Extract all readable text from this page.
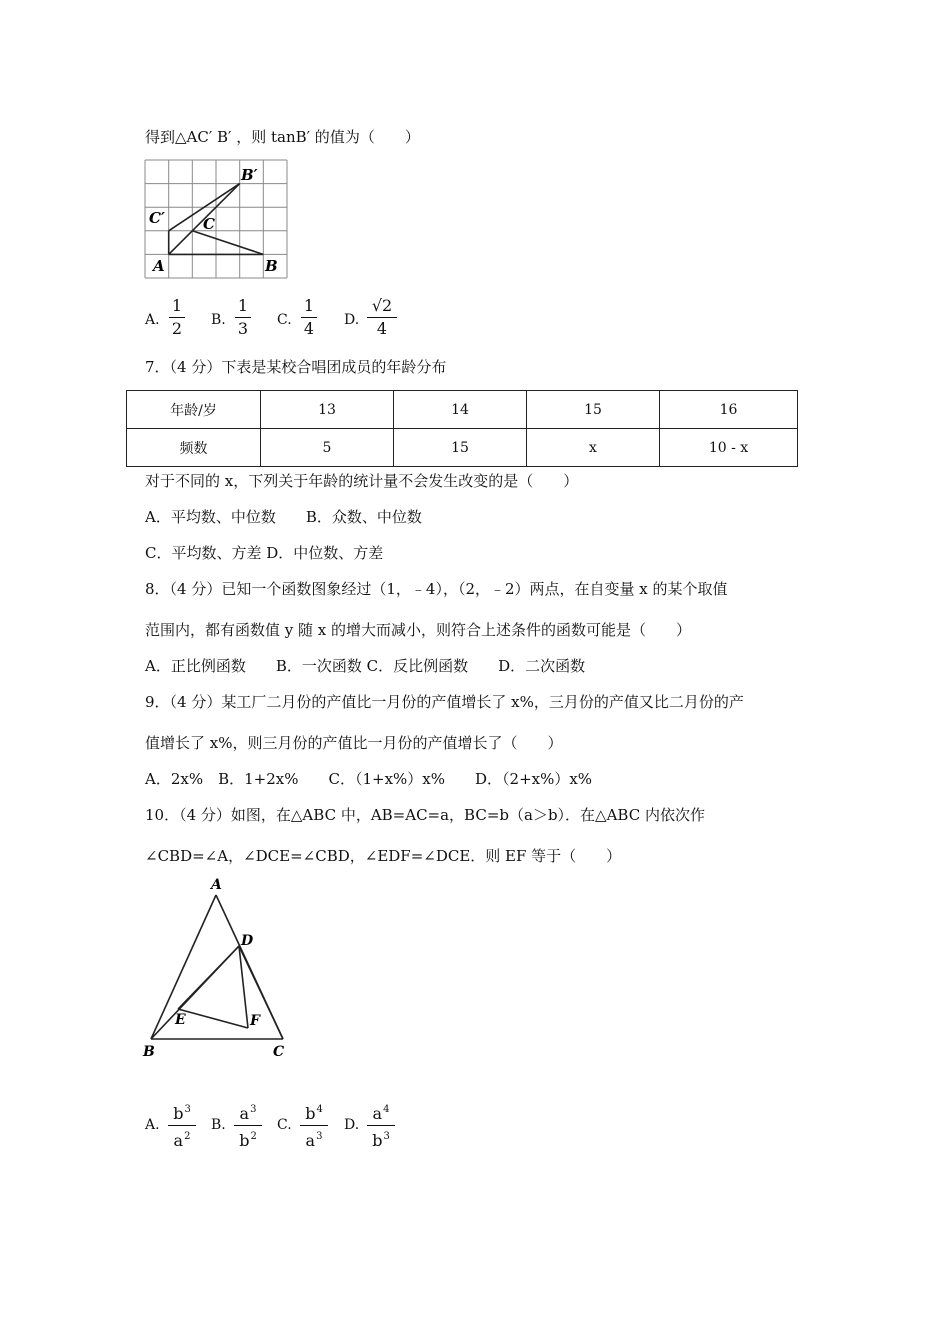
得到△AC′ B′ ，则 tanB′ 的值为（　　）
A	B
C
C′
B′
A.
1
2 B.
1
3 C.
1
4 D.
√2
4
7．（4 分）下表是某校合唱团成员的年龄分布
年龄/岁	13	14	15	16
频数	5	15	x	10 - x
对于不同的 x，下列关于年龄的统计量不会发生改变的是（　　）
A．平均数、中位数　　B．众数、中位数
C．平均数、方差 D．中位数、方差
8．（4 分）已知一个函数图象经过（1，﹣4），（2，﹣2）两点，在自变量 x 的某个取值
范围内，都有函数值 y 随 x 的增大而减小，则符合上述条件的函数可能是（　　）
A．正比例函数　　B．一次函数 C．反比例函数　　D．二次函数
9．（4 分）某工厂二月份的产值比一月份的产值增长了 x%，三月份的产值又比二月份的产
值增长了 x%，则三月份的产值比一月份的产值增长了（　　）
A．2x%　B．1+2x%　　C．（1+x%）x%　　D．（2+x%）x%
10．（4 分）如图，在△ABC 中，AB=AC=a，BC=b（a＞b）．在△ABC 内依次作
∠CBD=∠A，∠DCE=∠CBD，∠EDF=∠DCE．则 EF 等于（　　）
A
B	C
D
E	F
A.
$b^3$
$a^2$
B.
$a^3$
$b^2$
C.
$b^4$
$a^3$
D.
$a^4$
$b^3$
